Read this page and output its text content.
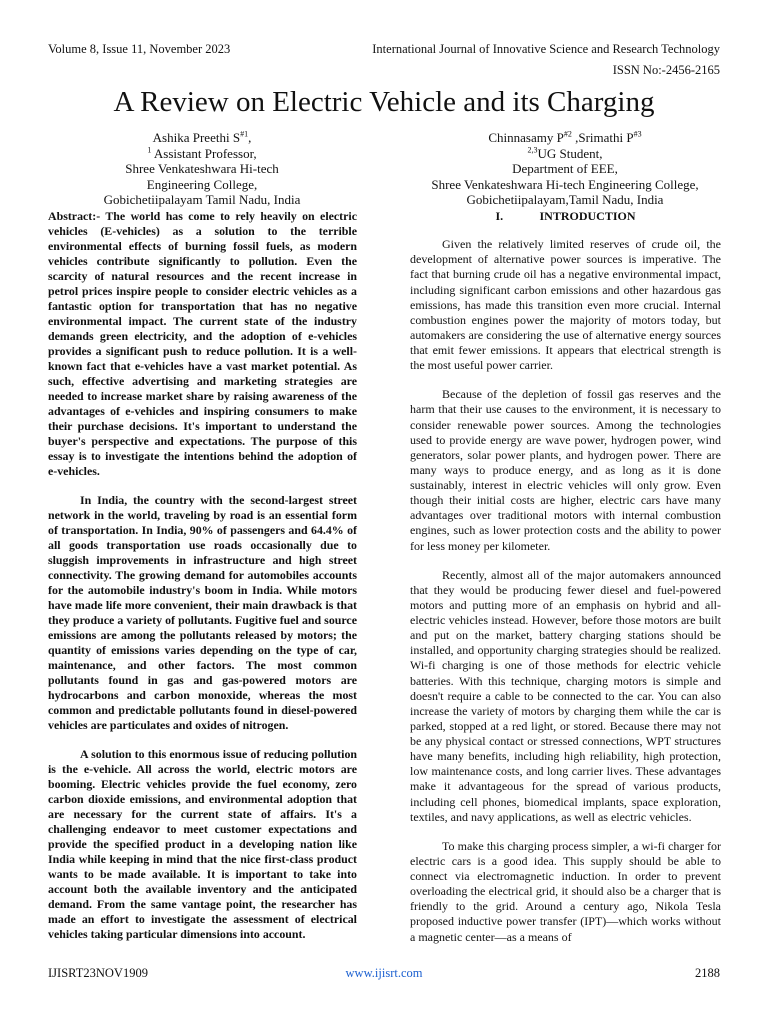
Volume 8, Issue 11, November 2023	International Journal of Innovative Science and Research Technology
ISSN No:-2456-2165
A Review on Electric Vehicle and its Charging
Ashika Preethi $S^{\#1}$,
$^1$ Assistant Professor,
Shree Venkateshwara Hi-tech
Engineering College,
Gobichetiipalayam Tamil Nadu, India
Chinnasamy $P^{\#2}$ ,Srimathi $P^{\#3}$
$^{2,3}$UG Student,
Department of EEE,
Shree Venkateshwara Hi-tech Engineering College,
Gobichetiipalayam,Tamil Nadu, India

Abstract:- The world has come to rely heavily on electric vehicles (E-vehicles) as a solution to the terrible environmental effects of burning fossil fuels, as modern vehicles contribute significantly to pollution. Even the scarcity of natural resources and the recent increase in petrol prices inspire people to consider electric vehicles as a fantastic option for transportation that has no negative environmental impact. The current state of the industry demands green electricity, and the adoption of e-vehicles provides a significant push to reduce pollution. It is a well-known fact that e-vehicles have a vast market potential. As such, effective advertising and marketing strategies are needed to increase market share by raising awareness of the advantages of e-vehicles and inspiring consumers to make their purchase decisions. It's important to understand the buyer's perspective and expectations. The purpose of this essay is to investigate the intentions behind the adoption of e-vehicles.

In India, the country with the second-largest street network in the world, traveling by road is an essential form of transportation. In India, 90% of passengers and 64.4% of all goods transportation use roads occasionally due to sluggish improvements in infrastructure and high street connectivity. The growing demand for automobiles accounts for the automobile industry's boom in India. While motors have made life more convenient, their main drawback is that they produce a variety of pollutants. Fugitive fuel and source emissions are among the pollutants released by motors; the quantity of emissions varies depending on the type of car, maintenance, and other factors. The most common pollutants found in gas and gas-powered motors are hydrocarbons and carbon monoxide, whereas the most common and predictable pollutants found in diesel-powered vehicles are particulates and oxides of nitrogen.

A solution to this enormous issue of reducing pollution is the e-vehicle. All across the world, electric motors are booming. Electric vehicles provide the fuel economy, zero carbon dioxide emissions, and environmental adoption that are necessary for the current state of affairs. It's a challenging endeavor to meet customer expectations and provide the specified product in a developing nation like India while keeping in mind that the nice first-class product wants to be made available. It is important to take into account both the available inventory and the anticipated demand. From the same vantage point, the researcher has made an effort to investigate the assessment of electrical vehicles taking particular dimensions into account.

I.	INTRODUCTION

Given the relatively limited reserves of crude oil, the development of alternative power sources is imperative. The fact that burning crude oil has a negative environmental impact, including significant carbon emissions and other hazardous gas emissions, has made this transition even more crucial. Internal combustion engines power the majority of motors today, but automakers are considering the use of alternative energy sources that emit fewer emissions. It appears that electrical strength is the most useful power carrier.

Because of the depletion of fossil gas reserves and the harm that their use causes to the environment, it is necessary to consider renewable power sources. Among the technologies used to provide energy are wave power, hydrogen power, wind generators, solar power plants, and hydrogen power. There are many ways to produce energy, and as long as it is done sustainably, interest in electric vehicles will only grow. Even though their initial costs are higher, electric cars have many advantages over traditional motors with internal combustion engines, such as lower protection costs and the ability to power for less money per kilometer.

Recently, almost all of the major automakers announced that they would be producing fewer diesel and fuel-powered motors and putting more of an emphasis on hybrid and all-electric vehicles instead. However, before those motors are built and put on the market, battery charging stations should be installed, and opportunity charging strategies should be realized. Wi-fi charging is one of those methods for electric vehicle batteries. With this technique, charging motors is simple and doesn't require a cable to be connected to the car. You can also increase the variety of motors by charging them while the car is parked, stopped at a red light, or stored. Because there may not be any physical contact or stressed connections, WPT structures have many benefits, including high reliability, high protection, low maintenance costs, and long carrier lives. These advantages make it advantageous for the spread of various products, including cell phones, biomedical implants, space exploration, textiles, and navy applications, as well as electric vehicles.

To make this charging process simpler, a wi-fi charger for electric cars is a good idea. This supply should be able to connect via electromagnetic induction. In order to prevent overloading the electrical grid, it should also be a charger that is friendly to the grid. Around a century ago, Nikola Tesla proposed inductive power transfer (IPT)—which works without a magnetic center—as a means of

IJISRT23NOV1909	www.ijisrt.com	2188
